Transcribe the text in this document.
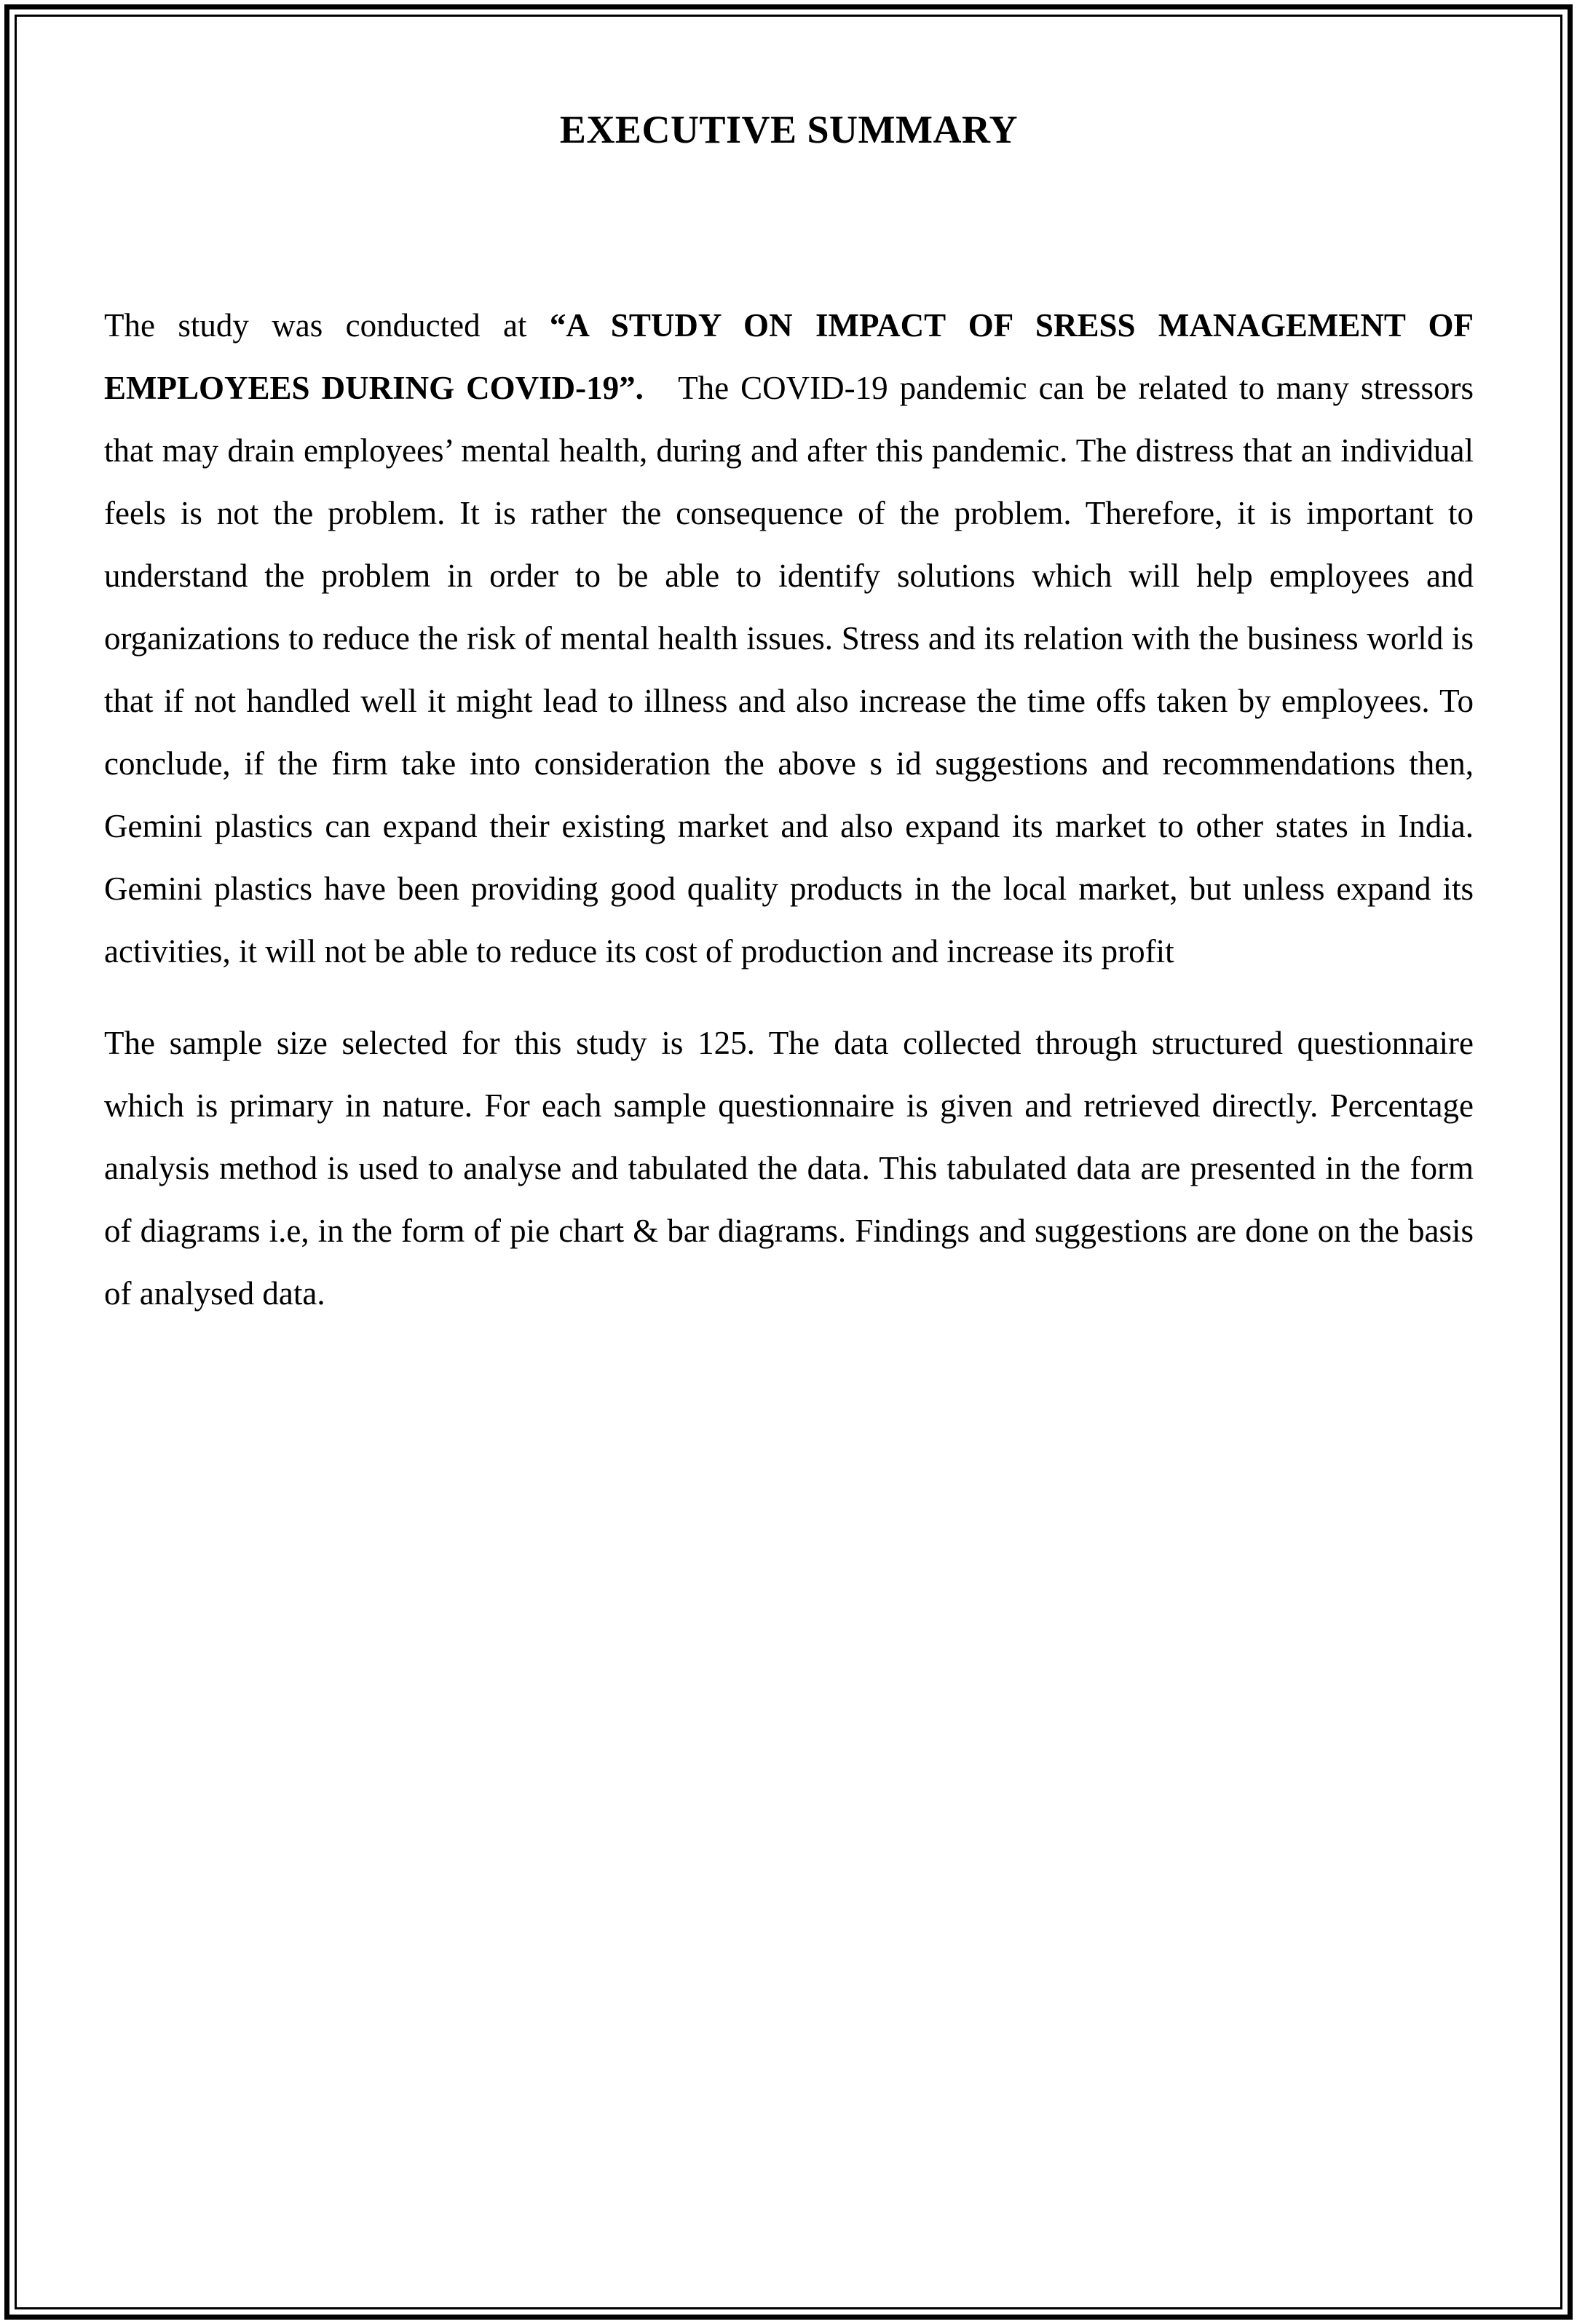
EXECUTIVE SUMMARY

The study was conducted at “A STUDY ON IMPACT OF SRESS MANAGEMENT OF EMPLOYEES DURING COVID-19”.   The COVID-19 pandemic can be related to many stressors that may drain employees’ mental health, during and after this pandemic. The distress that an individual feels is not the problem. It is rather the consequence of the problem. Therefore, it is important to understand the problem in order to be able to identify solutions which will help employees and organizations to reduce the risk of mental health issues. Stress and its relation with the business world is that if not handled well it might lead to illness and also increase the time offs taken by employees. To conclude, if the firm take into consideration the above s id suggestions and recommendations then, Gemini plastics can expand their existing market and also expand its market to other states in India. Gemini plastics have been providing good quality products in the local market, but unless expand its activities, it will not be able to reduce its cost of production and increase its profit

The sample size selected for this study is 125. The data collected through structured questionnaire which is primary in nature. For each sample questionnaire is given and retrieved directly. Percentage analysis method is used to analyse and tabulated the data. This tabulated data are presented in the form of diagrams i.e, in the form of pie chart & bar diagrams. Findings and suggestions are done on the basis of analysed data.
